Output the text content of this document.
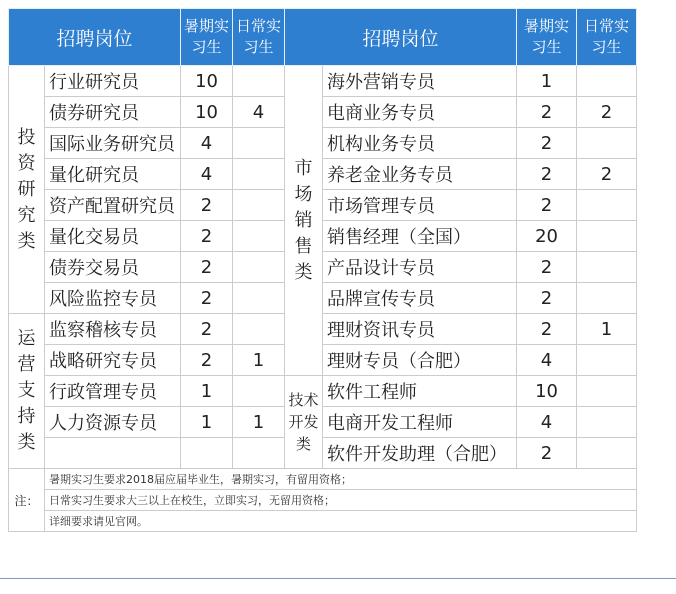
招聘岗位		暑期实习生	日常实习生	招聘岗位		暑期实习生	日常实习生

投资研究类	行业研究员	10		市场销售类	海外营销专员	1	
	债券研究员	10	4		电商业务专员	2	2
	国际业务研究员	4			机构业务专员	2	
	量化研究员	4			养老金业务专员	2	2
	资产配置研究员	2			市场管理专员	2	
	量化交易员	2			销售经理（全国）	20	
	债券交易员	2			产品设计专员	2	
	风险监控专员	2			品牌宣传专员	2	

运营支持类	监察稽核专员	2			理财资讯专员	2	1
	战略研究专员	2	1		理财专员（合肥）	4	
	行政管理专员	1		技术开发类	软件工程师	10	
	人力资源专员	1	1		电商开发工程师	4	
					软件开发助理（合肥）	2	
注：	暑期实习生要求2018届应届毕业生，暑期实习，有留用资格；						
	日常实习生要求大三以上在校生，立即实习，无留用资格；						
	详细要求请见官网。						
